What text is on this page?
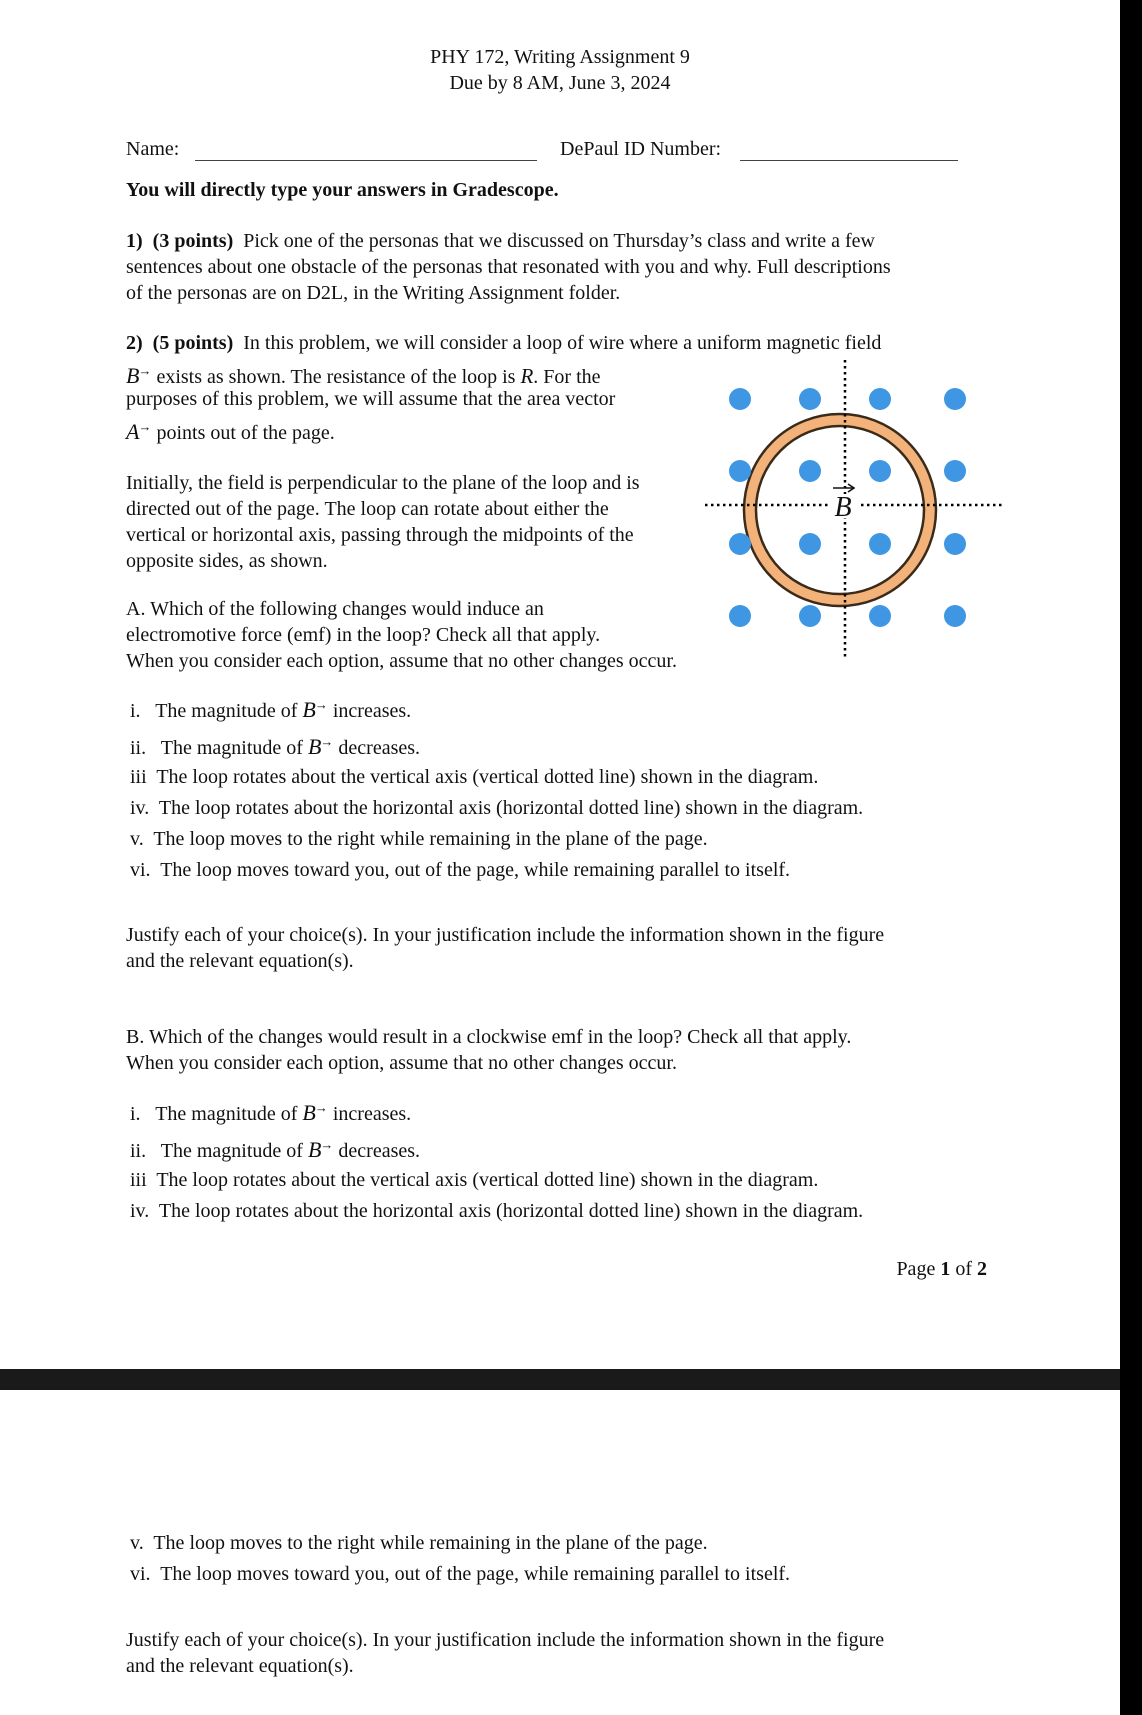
PHY 172, Writing Assignment 9
Due by 8 AM, June 3, 2024
Name:	DePaul ID Number:
You will directly type your answers in Gradescope.
1) (3 points) Pick one of the personas that we discussed on Thursday’s class and write a few
sentences about one obstacle of the personas that resonated with you and why. Full descriptions
of the personas are on D2L, in the Writing Assignment folder.
2) (5 points) In this problem, we will consider a loop of wire where a uniform magnetic field
B→ exists as shown. The resistance of the loop is R. For the
purposes of this problem, we will assume that the area vector
A→ points out of the page.
Initially, the field is perpendicular to the plane of the loop and is
directed out of the page. The loop can rotate about either the
vertical or horizontal axis, passing through the midpoints of the
opposite sides, as shown.
A. Which of the following changes would induce an
electromotive force (emf) in the loop? Check all that apply.
When you consider each option, assume that no other changes occur.
B
i. The magnitude of B→ increases.
ii. The magnitude of B→ decreases.
iii The loop rotates about the vertical axis (vertical dotted line) shown in the diagram.
iv. The loop rotates about the horizontal axis (horizontal dotted line) shown in the diagram.
v. The loop moves to the right while remaining in the plane of the page.
vi. The loop moves toward you, out of the page, while remaining parallel to itself.
Justify each of your choice(s). In your justification include the information shown in the figure
and the relevant equation(s).
B. Which of the changes would result in a clockwise emf in the loop? Check all that apply.
When you consider each option, assume that no other changes occur.
i. The magnitude of B→ increases.
ii. The magnitude of B→ decreases.
iii The loop rotates about the vertical axis (vertical dotted line) shown in the diagram.
iv. The loop rotates about the horizontal axis (horizontal dotted line) shown in the diagram.
Page 1 of 2
v. The loop moves to the right while remaining in the plane of the page.
vi. The loop moves toward you, out of the page, while remaining parallel to itself.
Justify each of your choice(s). In your justification include the information shown in the figure
and the relevant equation(s).
